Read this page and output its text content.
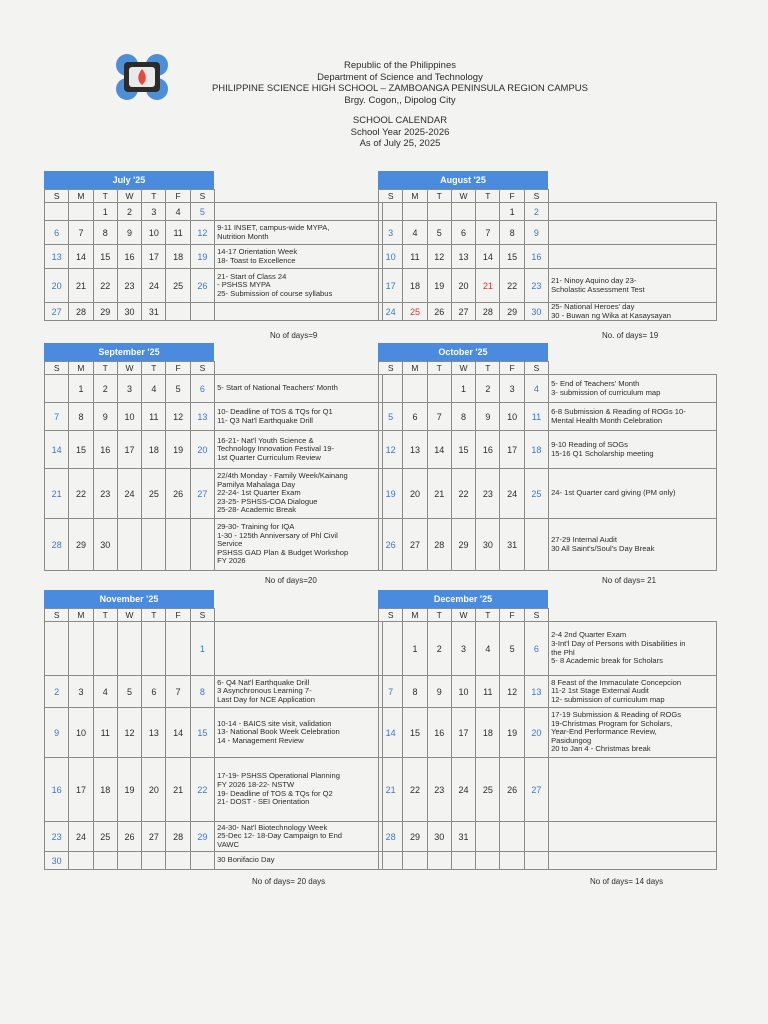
Republic of the Philippines
Department of Science and Technology
PHILIPPINE SCIENCE HIGH SCHOOL – ZAMBOANGA PENINSULA REGION CAMPUS
Brgy. Cogon,, Dipolog City
SCHOOL CALENDAR
School Year 2025-2026
As of July 25, 2025
July '25
S	M	T	W	T	F	S	
		1	2	3	4	5	
6	7	8	9	10	11	12	9-11 INSET, campus-wide MYPA,
Nutrition Month

13	14	15	16	17	18	19	14-17 Orientation Week
18- Toast to Excellence

20	21	22	23	24	25	26	21- Start of Class 24
- PSHSS MYPA
25- Submission of course syllabus

27	28	29	30	31			
No of days=9
August '25
S	M	T	W	T	F	S	
					1	2	
3	4	5	6	7	8	9	
10	11	12	13	14	15	16	
17	18	19	20	21	22	23	21- Ninoy Aquino day 23-
Scholastic Assessment Test

24	25	26	27	28	29	30	25- National Heroes' day
30 - Buwan ng Wika at Kasaysayan
No. of days= 19
September '25
S	M	T	W	T	F	S	
	1	2	3	4	5	6	5- Start of National Teachers' Month

7	8	9	10	11	12	13	10- Deadline of TOS & TQs for Q1
11- Q3 Nat'l Earthquake Drill

14	15	16	17	18	19	20	16-21- Nat'l Youth Science &
Technology Innovation Festival 19-
1st Quarter Curriculum Review

21	22	23	24	25	26	27	22/4th Monday - Family Week/Kainang
Pamilya Mahalaga Day
22-24- 1st Quarter Exam
23-25- PSHSS-COA Dialogue
25-28- Academic Break

28	29	30					29-30- Training for IQA
1-30 - 125th Anniversary of Phl Civil
Service
PSHSS GAD Plan & Budget Workshop
FY 2026
No of days=20
October '25
S	M	T	W	T	F	S	
			1	2	3	4	5- End of Teachers' Month
3- submission of curriculum map

5	6	7	8	9	10	11	6-8 Submission & Reading of ROGs 10-
Mental Health Month Celebration

12	13	14	15	16	17	18	9-10 Reading of SOGs
15-16 Q1 Scholarship meeting

19	20	21	22	23	24	25	24- 1st Quarter card giving (PM only)

26	27	28	29	30	31		27-29 Internal Audit
30 All Saint's/Soul's Day Break
No of days= 21
November '25
S	M	T	W	T	F	S	
						1	
2	3	4	5	6	7	8	6- Q4 Nat'l Earthquake Drill
3 Asynchronous Learning 7-
Last Day for NCE Application

9	10	11	12	13	14	15	10-14 - BAICS site visit, validation
13- National Book Week Celebration
14 - Management Review

16	17	18	19	20	21	22	17-19- PSHSS Operational Planning
FY 2026 18-22- NSTW
19- Deadline of TOS & TQs for Q2
21- DOST - SEI Orientation

23	24	25	26	27	28	29	24-30- Nat'l Biotechnology Week
25-Dec 12- 18-Day Campaign to End
VAWC

30							30 Bonifacio Day
No of days= 20 days
December '25
S	M	T	W	T	F	S	
	1	2	3	4	5	6	2-4 2nd Quarter Exam
3-Int'l Day of Persons with Disabilities in
the Phl
5- 8 Academic break for Scholars

7	8	9	10	11	12	13	8 Feast of the Immaculate Concepcion
11-2 1st Stage External Audit
12- submission of curriculum map

14	15	16	17	18	19	20	17-19 Submission & Reading of ROGs
19-Christmas Program for Scholars,
Year-End Performance Review,
Pasidungog
20 to Jan 4 - Christmas break

21	22	23	24	25	26	27	
28	29	30	31				

No of days= 14 days
